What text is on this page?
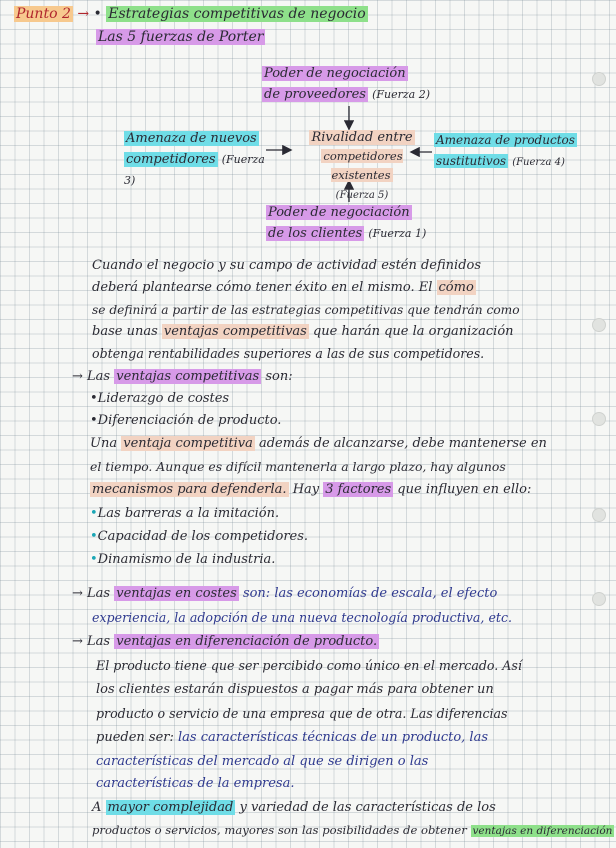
Punto 2 → • Estrategias competitivas de negocio
Las 5 fuerzas de Porter
Poder de negociación
de proveedores (Fuerza 2)
Amenaza de nuevos
competidores (Fuerza 3)
Rivalidad entre
competidores existentes
(Fuerza 5)
Amenaza de productos
sustitutivos (Fuerza 4)
Poder de negociación
de los clientes (Fuerza 1)
Cuando el negocio y su campo de actividad estén definidos
deberá plantearse cómo tener éxito en el mismo. El cómo
se definirá a partir de las estrategias competitivas que tendrán como
base unas ventajas competitivas que harán que la organización
obtenga rentabilidades superiores a las de sus competidores.
→ Las ventajas competitivas son:
•Liderazgo de costes
•Diferenciación de producto.
Una ventaja competitiva además de alcanzarse, debe mantenerse en
el tiempo. Aunque es difícil mantenerla a largo plazo, hay algunos
mecanismos para defenderla. Hay 3 factores que influyen en ello:
•Las barreras a la imitación.
•Capacidad de los competidores.
•Dinamismo de la industria.
→ Las ventajas en costes son: las economías de escala, el efecto
experiencia, la adopción de una nueva tecnología productiva, etc.
→ Las ventajas en diferenciación de producto.
El producto tiene que ser percibido como único en el mercado. Así
los clientes estarán dispuestos a pagar más para obtener un
producto o servicio de una empresa que de otra. Las diferencias
pueden ser: las características técnicas de un producto, las
características del mercado al que se dirigen o las
características de la empresa.
A mayor complejidad y variedad de las características de los
productos o servicios, mayores son las posibilidades de obtener ventajas en diferenciación
